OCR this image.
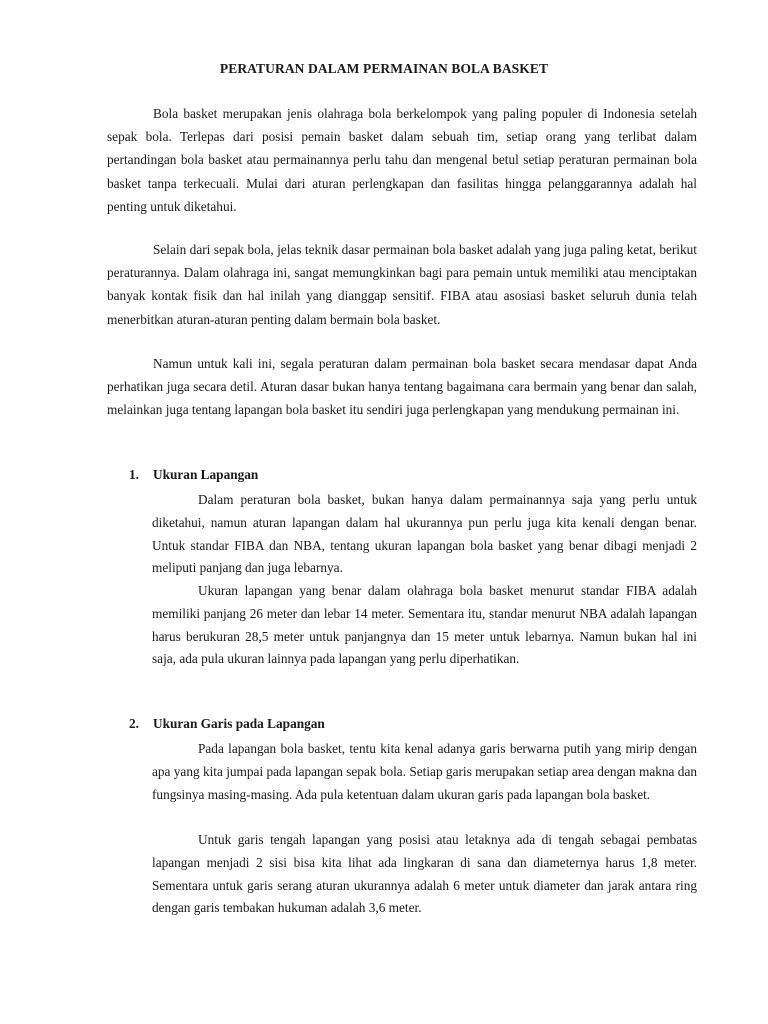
PERATURAN DALAM PERMAINAN BOLA BASKET

Bola basket merupakan jenis olahraga bola berkelompok yang paling populer di Indonesia setelah sepak bola. Terlepas dari posisi pemain basket dalam sebuah tim, setiap orang yang terlibat dalam pertandingan bola basket atau permainannya perlu tahu dan mengenal betul setiap peraturan permainan bola basket tanpa terkecuali. Mulai dari aturan perlengkapan dan fasilitas hingga pelanggarannya adalah hal penting untuk diketahui.

Selain dari sepak bola, jelas teknik dasar permainan bola basket adalah yang juga paling ketat, berikut peraturannya. Dalam olahraga ini, sangat memungkinkan bagi para pemain untuk memiliki atau menciptakan banyak kontak fisik dan hal inilah yang dianggap sensitif. FIBA atau asosiasi basket seluruh dunia telah menerbitkan aturan-aturan penting dalam bermain bola basket.

Namun untuk kali ini, segala peraturan dalam permainan bola basket secara mendasar dapat Anda perhatikan juga secara detil. Aturan dasar bukan hanya tentang bagaimana cara bermain yang benar dan salah, melainkan juga tentang lapangan bola basket itu sendiri juga perlengkapan yang mendukung permainan ini.

1. Ukuran Lapangan

Dalam peraturan bola basket, bukan hanya dalam permainannya saja yang perlu untuk diketahui, namun aturan lapangan dalam hal ukurannya pun perlu juga kita kenali dengan benar. Untuk standar FIBA dan NBA, tentang ukuran lapangan bola basket yang benar dibagi menjadi 2 meliputi panjang dan juga lebarnya.

Ukuran lapangan yang benar dalam olahraga bola basket menurut standar FIBA adalah memiliki panjang 26 meter dan lebar 14 meter. Sementara itu, standar menurut NBA adalah lapangan harus berukuran 28,5 meter untuk panjangnya dan 15 meter untuk lebarnya. Namun bukan hal ini saja, ada pula ukuran lainnya pada lapangan yang perlu diperhatikan.

2. Ukuran Garis pada Lapangan

Pada lapangan bola basket, tentu kita kenal adanya garis berwarna putih yang mirip dengan apa yang kita jumpai pada lapangan sepak bola. Setiap garis merupakan setiap area dengan makna dan fungsinya masing-masing. Ada pula ketentuan dalam ukuran garis pada lapangan bola basket.

Untuk garis tengah lapangan yang posisi atau letaknya ada di tengah sebagai pembatas lapangan menjadi 2 sisi bisa kita lihat ada lingkaran di sana dan diameternya harus 1,8 meter. Sementara untuk garis serang aturan ukurannya adalah 6 meter untuk diameter dan jarak antara ring dengan garis tembakan hukuman adalah 3,6 meter.
